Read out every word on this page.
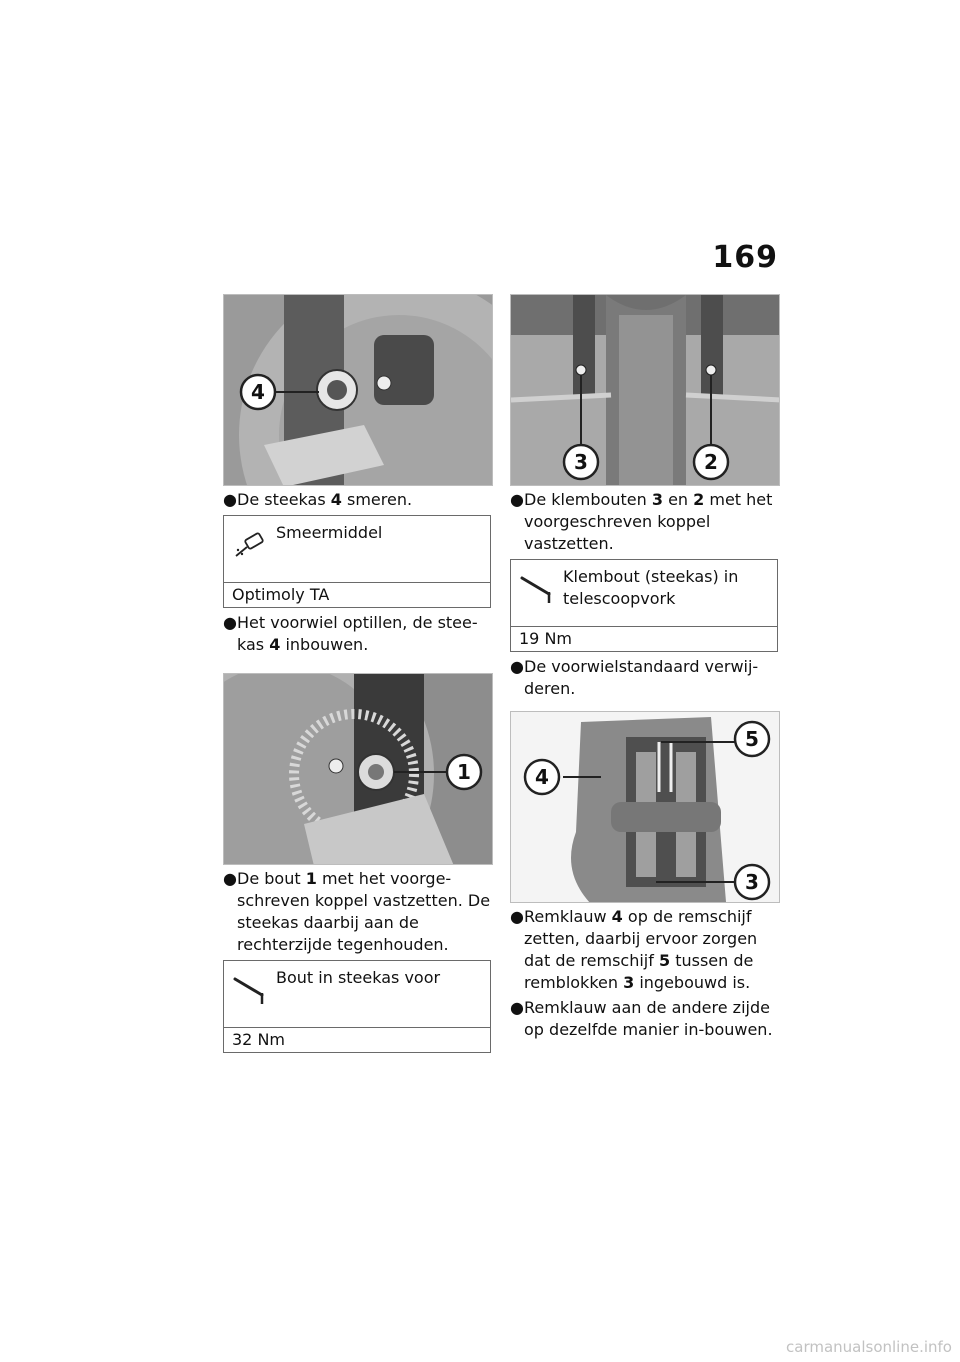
169
4
● De steekas 4 smeren.
Smeermiddel
Optimoly TA
● Het voorwiel optillen, de stee-kas 4 inbouwen.
1
● De bout 1 met het voorge-schreven koppel vastzetten. De steekas daarbij aan de rechterzijde tegenhouden.
Bout in steekas voor
32 Nm
3	2
● De klembouten 3 en 2 met het voorgeschreven koppel vastzetten.
Klembout (steekas) in telescoopvork
19 Nm
● De voorwielstandaard verwij-deren.
5
4
3
● Remklauw 4 op de remschijf zetten, daarbij ervoor zorgen dat de remschijf 5 tussen de remblokken 3 ingebouwd is.
● Remklauw aan de andere zijde op dezelfde manier in-bouwen.
carmanualsonline.info
